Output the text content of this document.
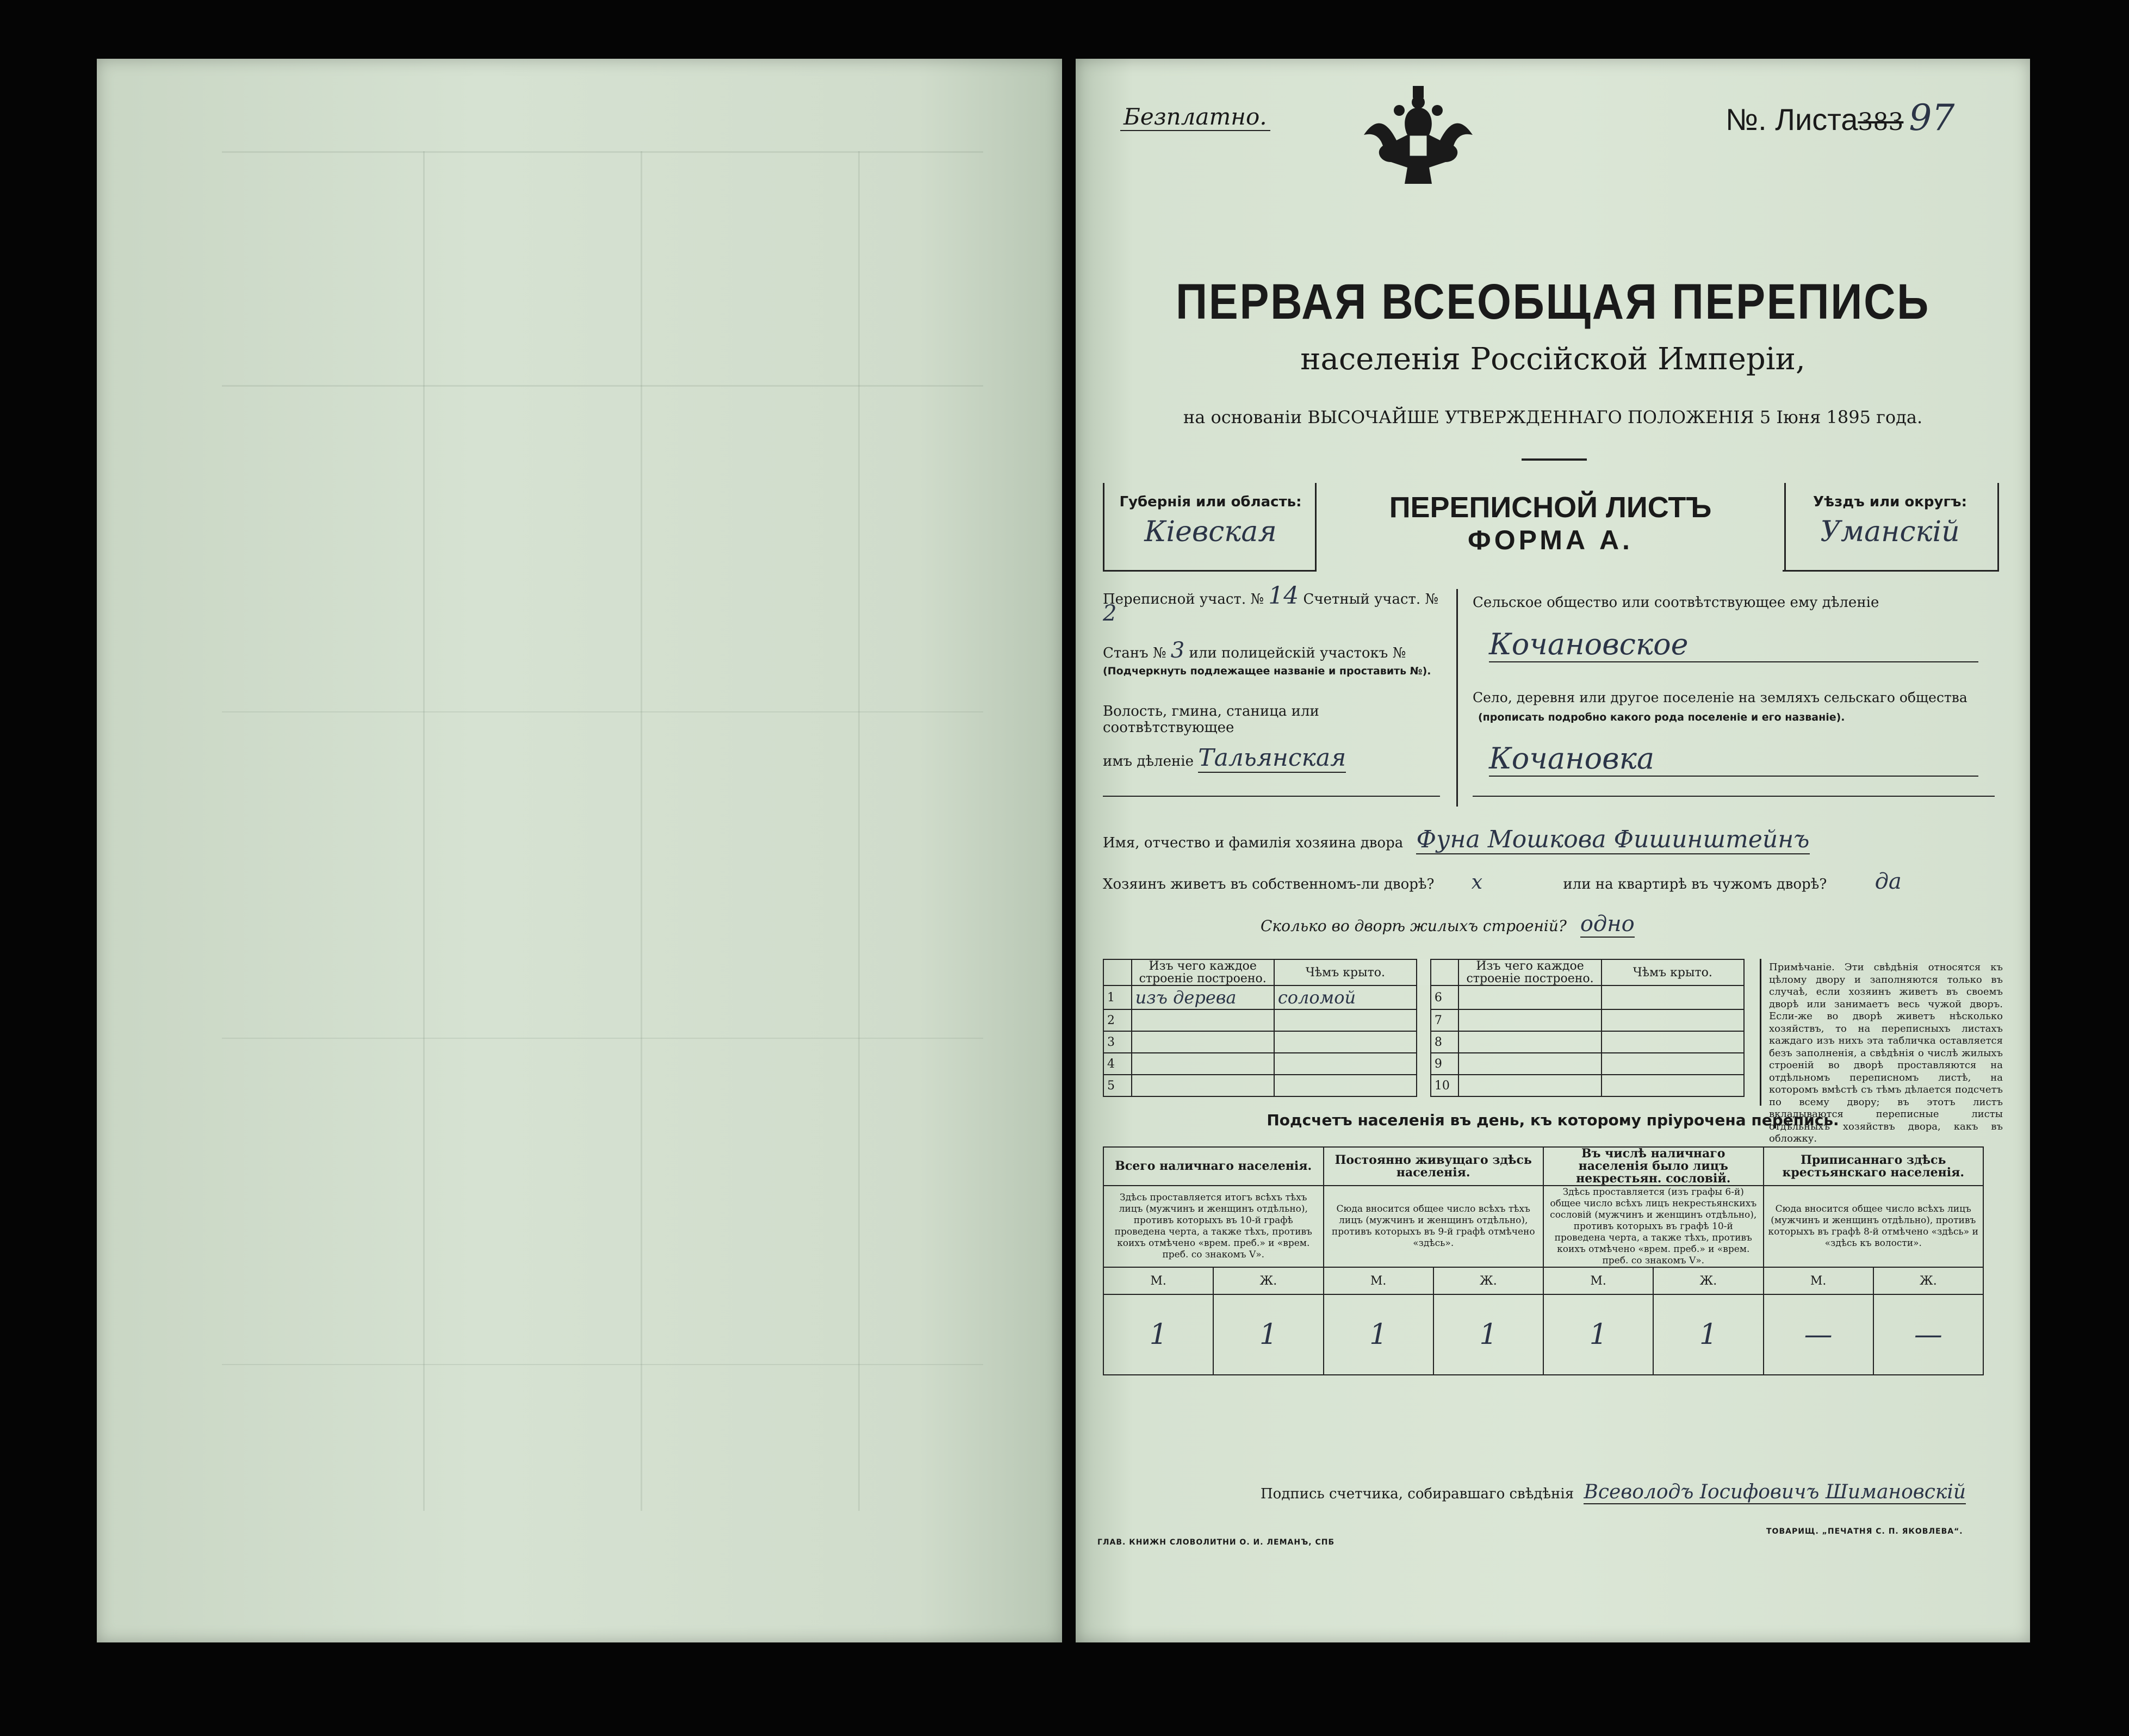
Безплатно.	№. Листа383 97
ПЕРВАЯ ВСЕОБЩАЯ ПЕРЕПИСЬ
населенія Россійской Имперіи,
на основаніи ВЫСОЧАЙШЕ УТВЕРЖДЕННАГО ПОЛОЖЕНІЯ 5 Іюня 1895 года.
Губернія или область:
Кіевская
ПЕРЕПИСНОЙ ЛИСТЪ
ФОРМА А.
Уѣздъ или округъ:
Уманскій
Переписной участ. № 14 Счетный участ. № 2
Станъ № 3 или полицейскій участокъ №
(Подчеркнуть подлежащее названіе и проставить №).
Волость, гмина, станица или соотвѣтствующее
имъ дѣленіе Тальянская
Сельское общество или соотвѣтствующее ему дѣленіе
Кочановское
Село, деревня или другое поселеніе на земляхъ сельскаго общества
(прописать подробно какого рода поселеніе и его названіе).
Кочановка
Имя, отчество и фамилія хозяина двора Фуна Мошкова Фишинштейнъ
Хозяинъ живетъ въ собственномъ-ли дворѣ? х	или на квартирѣ въ чужомъ дворѣ? да
Сколько во дворѣ жилыхъ строеній? одно
	Изъ чего каждое строеніе построено.	Чѣмъ крыто.			Изъ чего каждое строеніе построено.	Чѣмъ крыто.
1	изъ дерева	соломой		6		
2				7		
3				8		
4				9		
5				10		
Примѣчаніе. Эти свѣдѣнія относятся къ цѣлому двору и заполняются только въ случаѣ, если хозяинъ живетъ въ своемъ дворѣ или занимаетъ весь чужой дворъ. Если-же во дворѣ живетъ нѣсколько хозяйствъ, то на переписныхъ листахъ каждаго изъ нихъ эта табличка оставляется безъ заполненія, а свѣдѣнія о числѣ жилыхъ строеній во дворѣ проставляются на отдѣльномъ переписномъ листѣ, на которомъ вмѣстѣ съ тѣмъ дѣлается подсчетъ по всему двору; въ этотъ листъ вкладываются переписные листы отдѣльныхъ хозяйствъ двора, какъ въ обложку.
Подсчетъ населенія въ день, къ которому пріурочена перепись.
Всего наличнаго населенія.		Постоянно живущаго здѣсь населенія.		Въ числѣ наличнаго населенія было лицъ некрестьян. сословій.		Приписаннаго здѣсь крестьянскаго населенія.	
Здѣсь проставляется итогъ всѣхъ тѣхъ лицъ (мужчинъ и женщинъ отдѣльно), противъ которыхъ въ 10-й графѣ проведена черта, а также тѣхъ, противъ коихъ отмѣчено «врем. преб.» и «врем. преб. со знакомъ V».		Сюда вносится общее число всѣхъ тѣхъ лицъ (мужчинъ и женщинъ отдѣльно), противъ которыхъ въ 9-й графѣ отмѣчено «здѣсь».		Здѣсь проставляется (изъ графы 6-й) общее число всѣхъ лицъ некрестьянскихъ сословій (мужчинъ и женщинъ отдѣльно), противъ которыхъ въ графѣ 10-й проведена черта, а также тѣхъ, противъ коихъ отмѣчено «врем. преб.» и «врем. преб. со знакомъ V».		Сюда вносится общее число всѣхъ лицъ (мужчинъ и женщинъ отдѣльно), противъ которыхъ въ графѣ 8-й отмѣчено «здѣсь» и «здѣсь къ волости».	
М.	Ж.	М.	Ж.	М.	Ж.	М.	Ж.
1	1	1	1	1	1	—	—
Подпись счетчика, собиравшаго свѣдѣнія Всеволодъ Іосифовичъ Шимановскій
ГЛАВ. КНИЖН СЛОВОЛИТНИ О. И. ЛЕМАНЪ, СПБ
ТОВАРИЩ. „ПЕЧАТНЯ С. П. ЯКОВЛЕВА“.
